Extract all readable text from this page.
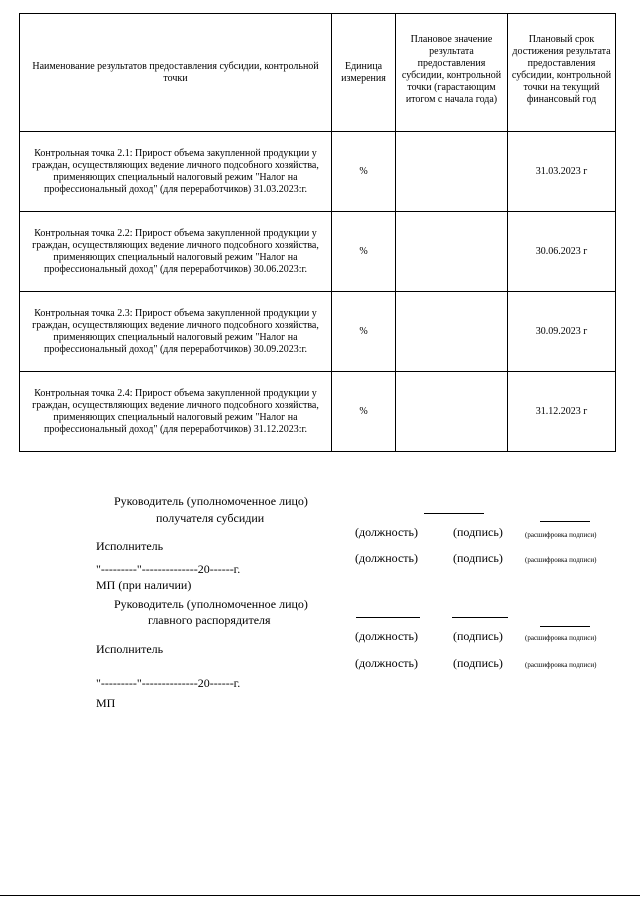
Наименование результатов предоставления субсидии, контрольной точки	Единица измерения	Плановое значение результата предоставления субсидии, контрольной точки (гарастающим итогом с начала года)	Плановый срок достижения результата предоставления субсидии, контрольной точки на текущий финансовый год
Контрольная точка 2.1: Прирост объема закупленной продукции у граждан, осуществляющих ведение личного подсобного хозяйства, применяющих специальный налоговый режим "Налог на профессиональный доход" (для переработчиков) 31.03.2023:г.	%		31.03.2023 г
Контрольная точка 2.2: Прирост объема закупленной продукции у граждан, осуществляющих ведение личного подсобного хозяйства, применяющих специальный налоговый режим "Налог на профессиональный доход" (для переработчиков) 30.06.2023:г.	%		30.06.2023 г
Контрольная точка 2.3: Прирост объема закупленной продукции у граждан, осуществляющих ведение личного подсобного хозяйства, применяющих специальный налоговый режим "Налог на профессиональный доход" (для переработчиков) 30.09.2023:г.	%		30.09.2023 г
Контрольная точка 2.4: Прирост объема закупленной продукции у граждан, осуществляющих ведение личного подсобного хозяйства, применяющих специальный налоговый режим "Налог на профессиональный доход" (для переработчиков) 31.12.2023:г.	%		31.12.2023 г
Руководитель (уполномоченное лицо)
получателя субсидии
(должность)	(подпись)	(расшифровка подписи)
Исполнитель
(должность)	(подпись)	(расшифровка подписи)
"---------"--------------20------г.
МП (при наличии)
Руководитель (уполномоченное лицо)
главного распорядителя
(должность)	(подпись)	(расшифровка подписи)
Исполнитель
(должность)	(подпись)	(расшифровка подписи)
"---------"--------------20------г.
МП
